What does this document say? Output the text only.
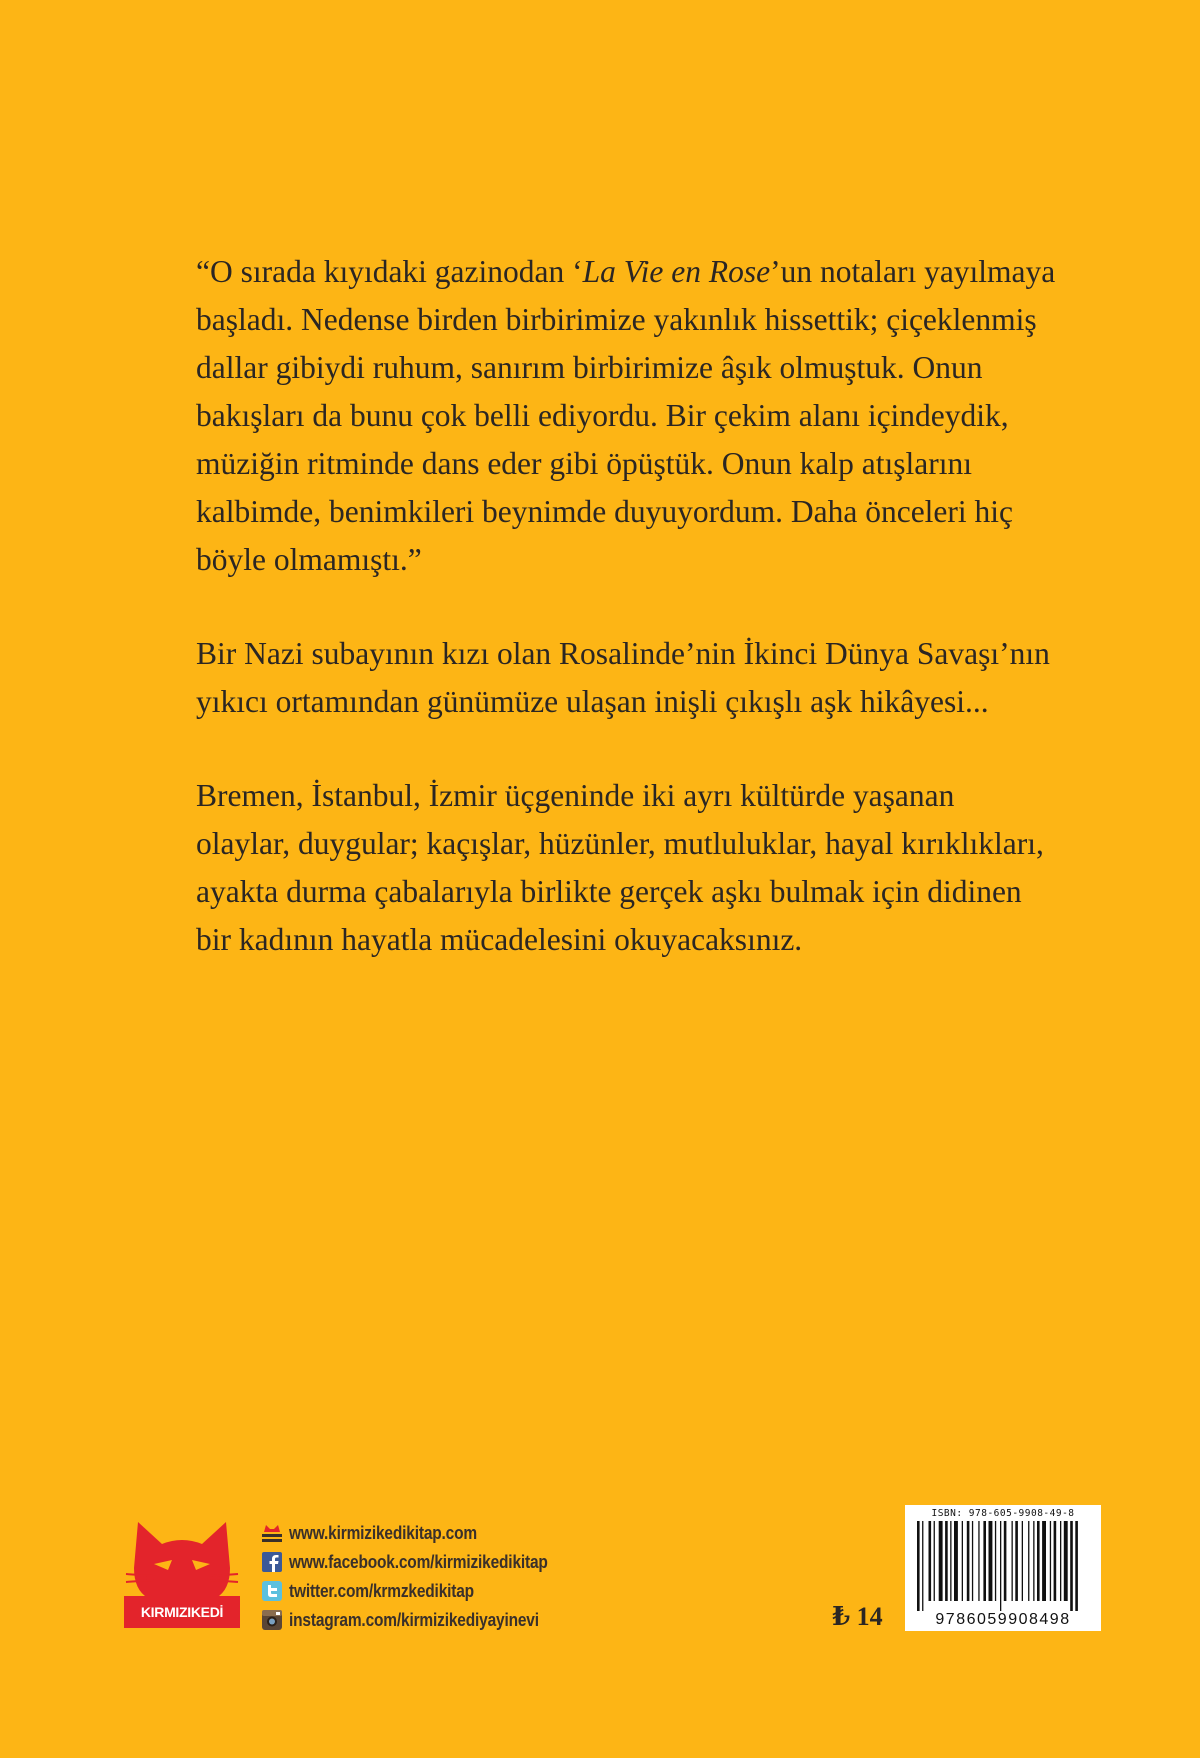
“O sırada kıyıdaki gazinodan ‘La Vie en Rose’un notaları yayılmaya başladı. Nedense birden birbirimize yakınlık hissettik; çiçeklenmiş dallar gibiydi ruhum, sanırım birbirimize âşık olmuştuk. Onun bakışları da bunu çok belli ediyordu. Bir çekim alanı içindeydik, müziğin ritminde dans eder gibi öpüştük. Onun kalp atışlarını kalbimde, benimkileri beynimde duyuyordum. Daha önceleri hiç böyle olmamıştı.”

Bir Nazi subayının kızı olan Rosalinde’nin İkinci Dünya Savaşı’nın yıkıcı ortamından günümüze ulaşan inişli çıkışlı aşk hikâyesi...

Bremen, İstanbul, İzmir üçgeninde iki ayrı kültürde yaşanan olaylar, duygular; kaçışlar, hüzünler, mutluluklar, hayal kırıklıkları, ayakta durma çabalarıyla birlikte gerçek aşkı bulmak için didinen bir kadının hayatla mücadelesini okuyacaksınız.

KIRMIZIKEDİ
www.kirmizikedikitap.com
www.facebook.com/kirmizikedikitap
twitter.com/krmzkedikitap
instagram.com/kirmizikediyayinevi	₺ 14
ISBN: 978-605-9908-49-8
9786059908498
